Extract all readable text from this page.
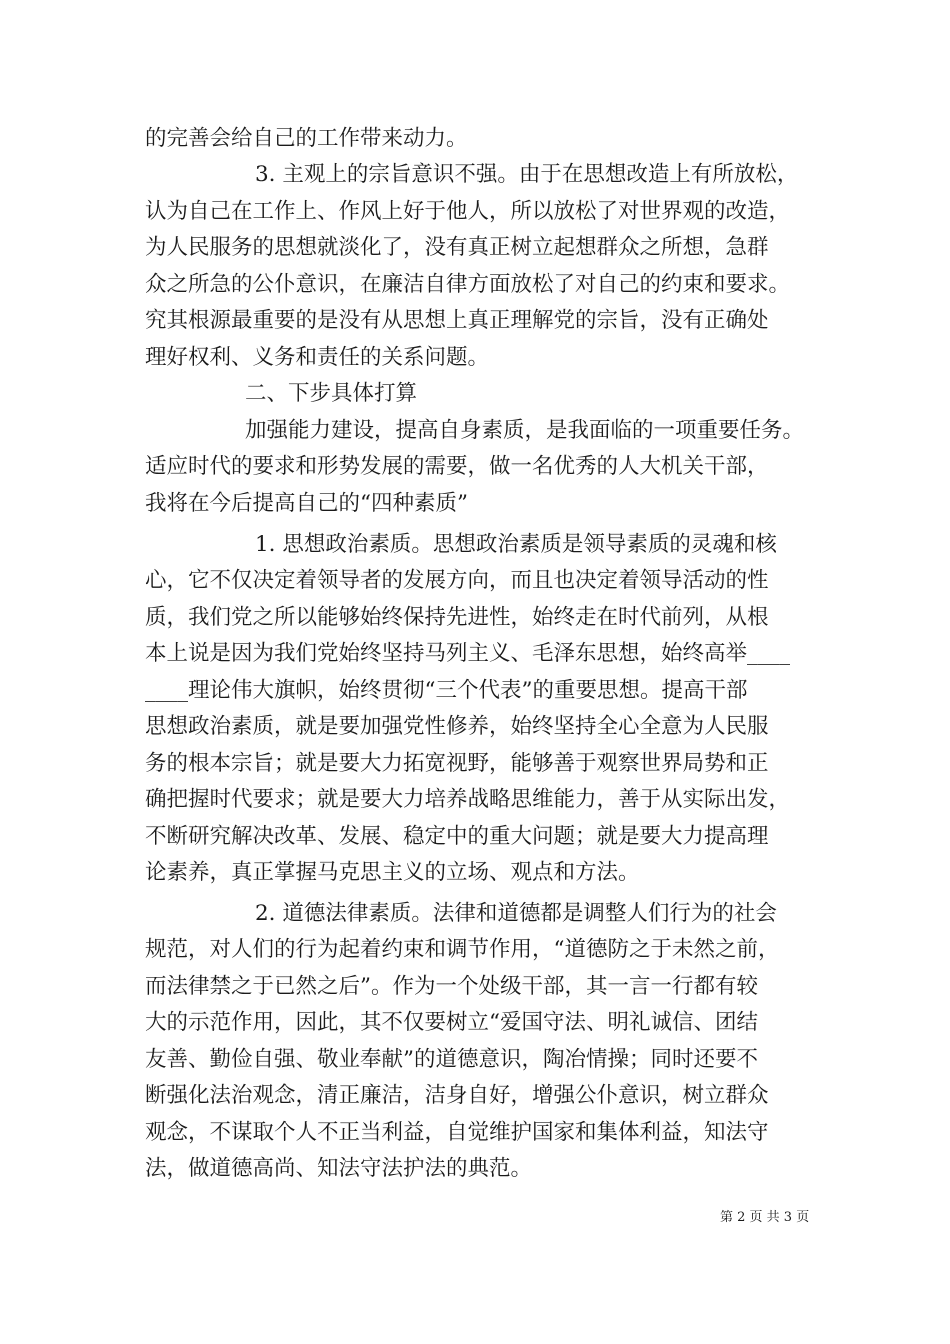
的完善会给自己的工作带来动力。
3. 主观上的宗旨意识不强。由于在思想改造上有所放松，
认为自己在工作上、作风上好于他人，所以放松了对世界观的改造，
为人民服务的思想就淡化了，没有真正树立起想群众之所想，急群
众之所急的公仆意识，在廉洁自律方面放松了对自己的约束和要求。
究其根源最重要的是没有从思想上真正理解党的宗旨，没有正确处
理好权利、义务和责任的关系问题。
二、下步具体打算
加强能力建设，提高自身素质，是我面临的一项重要任务。
适应时代的要求和形势发展的需要，做一名优秀的人大机关干部，
我将在今后提高自己的“四种素质”
1. 思想政治素质。思想政治素质是领导素质的灵魂和核
心，它不仅决定着领导者的发展方向，而且也决定着领导活动的性
质，我们党之所以能够始终保持先进性，始终走在时代前列，从根
本上说是因为我们党始终坚持马列主义、毛泽东思想，始终高举____
____理论伟大旗帜，始终贯彻“三个代表”的重要思想。提高干部
思想政治素质，就是要加强党性修养，始终坚持全心全意为人民服
务的根本宗旨；就是要大力拓宽视野，能够善于观察世界局势和正
确把握时代要求；就是要大力培养战略思维能力，善于从实际出发，
不断研究解决改革、发展、稳定中的重大问题；就是要大力提高理
论素养，真正掌握马克思主义的立场、观点和方法。
2. 道德法律素质。法律和道德都是调整人们行为的社会
规范，对人们的行为起着约束和调节作用，“道德防之于未然之前，
而法律禁之于已然之后”。作为一个处级干部，其一言一行都有较
大的示范作用，因此，其不仅要树立“爱国守法、明礼诚信、团结
友善、勤俭自强、敬业奉献”的道德意识，陶冶情操；同时还要不
断强化法治观念，清正廉洁，洁身自好，增强公仆意识，树立群众
观念，不谋取个人不正当利益，自觉维护国家和集体利益，知法守
法，做道德高尚、知法守法护法的典范。
第 2 页 共 3 页
